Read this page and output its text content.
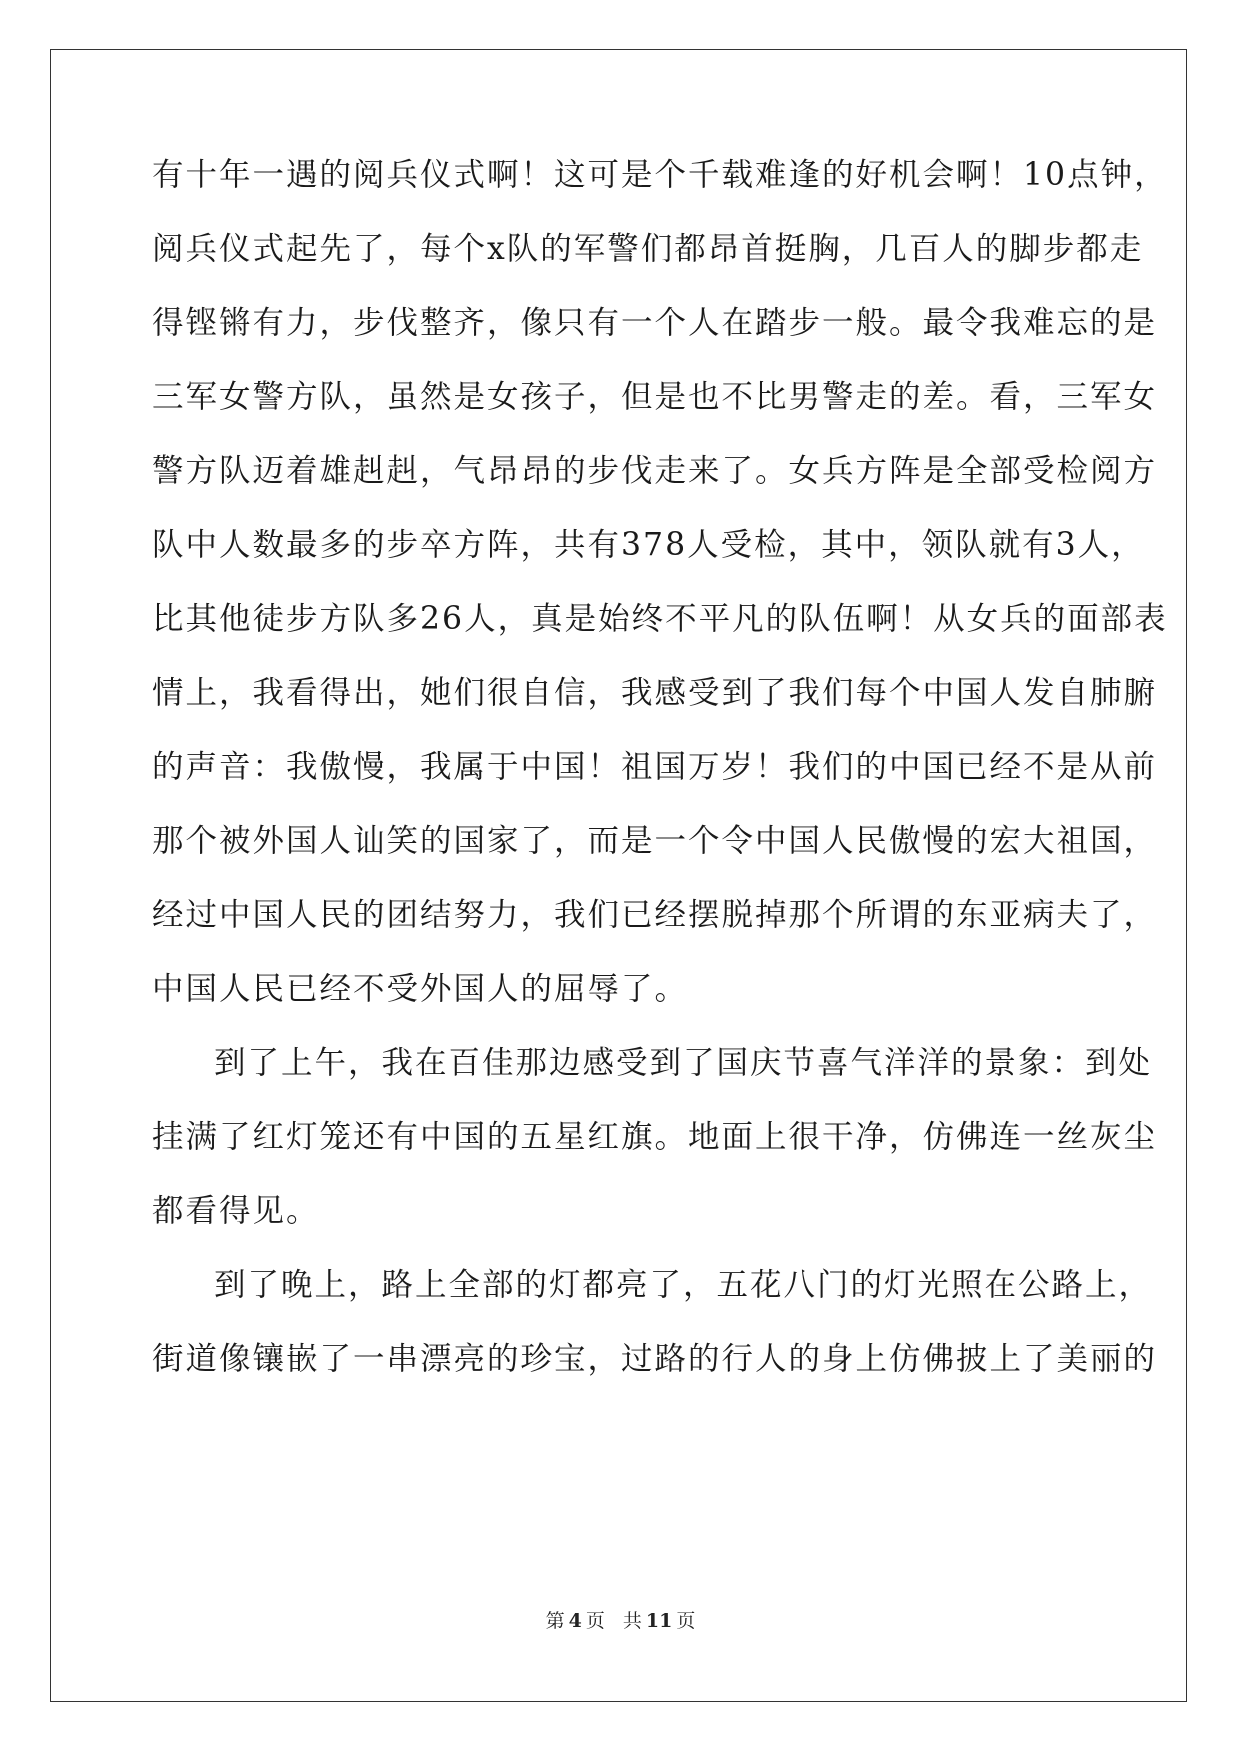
有十年一遇的阅兵仪式啊！这可是个千载难逢的好机会啊！10点钟，

阅兵仪式起先了，每个x队的军警们都昂首挺胸，几百人的脚步都走

得铿锵有力，步伐整齐，像只有一个人在踏步一般。最令我难忘的是

三军女警方队，虽然是女孩子，但是也不比男警走的差。看，三军女

警方队迈着雄赳赳，气昂昂的步伐走来了。女兵方阵是全部受检阅方

队中人数最多的步卒方阵，共有378人受检，其中，领队就有3人，

比其他徒步方队多26人，真是始终不平凡的队伍啊！从女兵的面部表

情上，我看得出，她们很自信，我感受到了我们每个中国人发自肺腑

的声音：我傲慢，我属于中国！祖国万岁！我们的中国已经不是从前

那个被外国人讪笑的国家了，而是一个令中国人民傲慢的宏大祖国，

经过中国人民的团结努力，我们已经摆脱掉那个所谓的东亚病夫了，

中国人民已经不受外国人的屈辱了。

到了上午，我在百佳那边感受到了国庆节喜气洋洋的景象：到处

挂满了红灯笼还有中国的五星红旗。地面上很干净，仿佛连一丝灰尘

都看得见。

到了晚上，路上全部的灯都亮了，五花八门的灯光照在公路上，

街道像镶嵌了一串漂亮的珍宝，过路的行人的身上仿佛披上了美丽的

第 4 页 共 11 页
